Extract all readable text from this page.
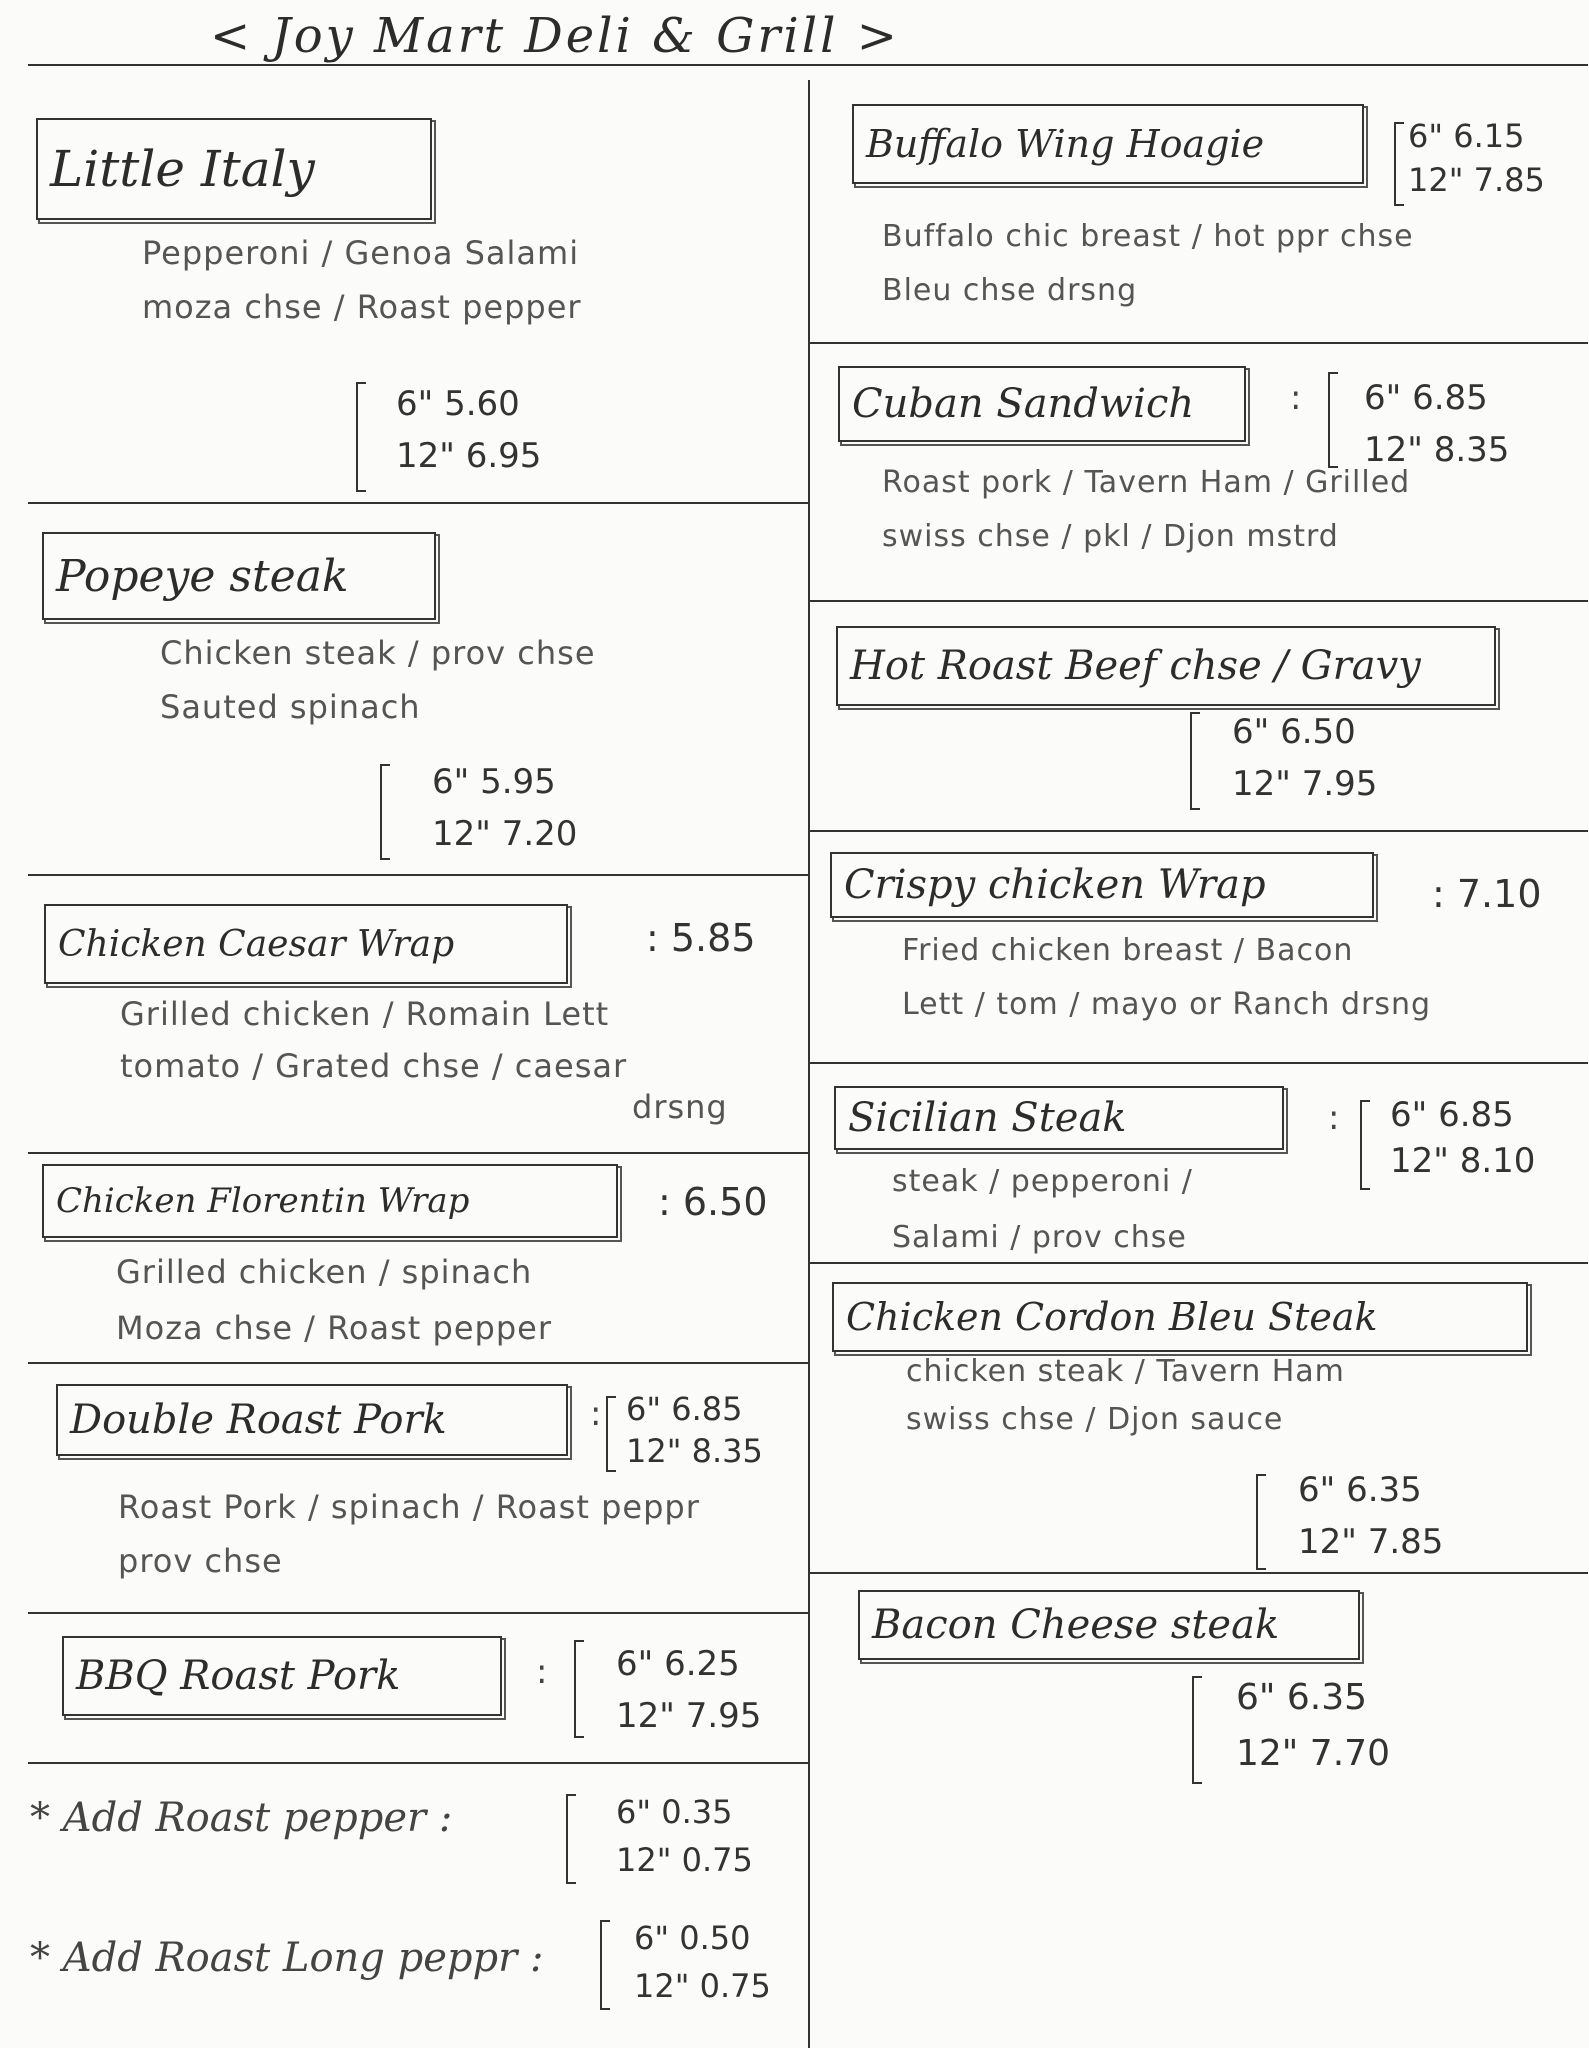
< Joy Mart Deli & Grill >
Little Italy
Pepperoni / Genoa Salami
moza chse / Roast pepper
6" 5.60
12" 6.95
Popeye steak
Chicken steak / prov chse
Sauted spinach
6" 5.95
12" 7.20
Chicken Caesar Wrap	: 5.85
Grilled chicken / Romain Lett
tomato / Grated chse / caesar
drsng
Chicken Florentin Wrap	: 6.50
Grilled chicken / spinach
Moza chse / Roast pepper
Double Roast Pork	: 6" 6.85
12" 8.35
Roast Pork / spinach / Roast peppr
prov chse
BBQ Roast Pork	: 6" 6.25
12" 7.95
* Add Roast pepper :	6" 0.35
12" 0.75
* Add Roast Long peppr :	6" 0.50
12" 0.75
Buffalo Wing Hoagie	6" 6.15
12" 7.85
Buffalo chic breast / hot ppr chse
Bleu chse drsng
Cuban Sandwich	: 6" 6.85
12" 8.35
Roast pork / Tavern Ham / Grilled
swiss chse / pkl / Djon mstrd
Hot Roast Beef chse / Gravy
6" 6.50
12" 7.95
Crispy chicken Wrap	: 7.10
Fried chicken breast / Bacon
Lett / tom / mayo or Ranch drsng
Sicilian Steak	: 6" 6.85
12" 8.10
steak / pepperoni /
Salami / prov chse
Chicken Cordon Bleu Steak
chicken steak / Tavern Ham
swiss chse / Djon sauce
6" 6.35
12" 7.85
Bacon Cheese steak
6" 6.35
12" 7.70
